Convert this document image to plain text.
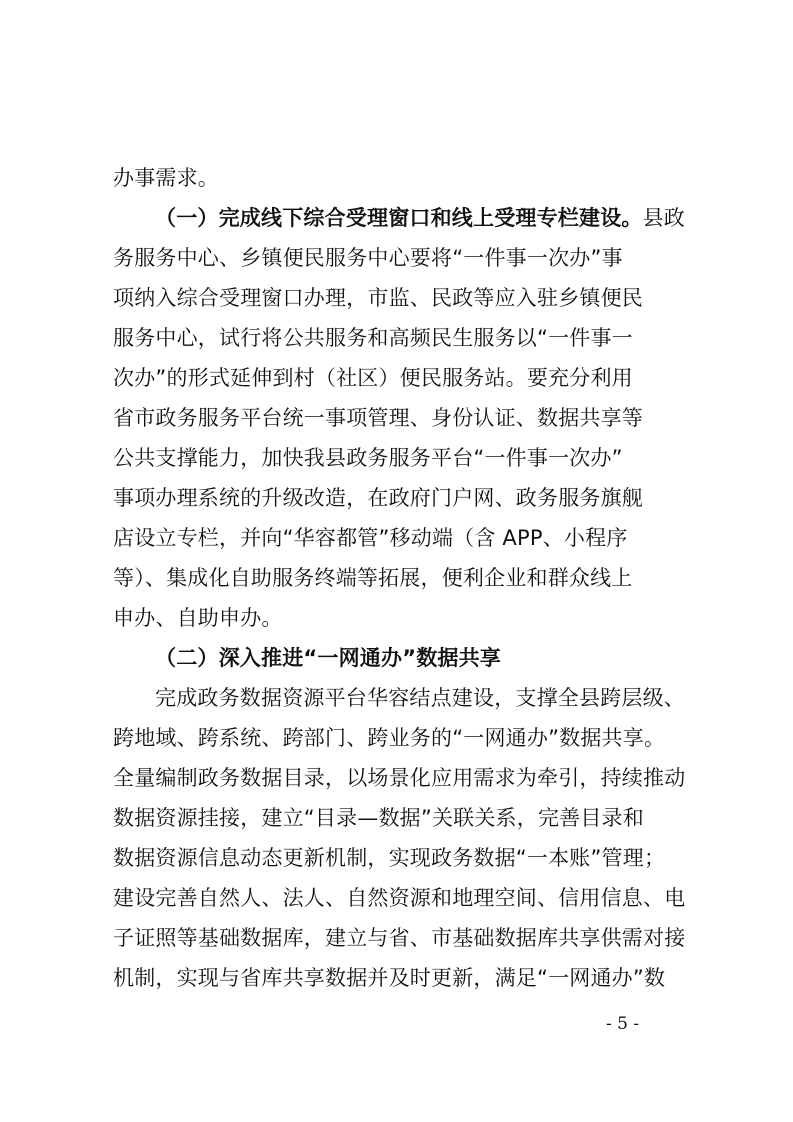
办事需求。
（一）完成线下综合受理窗口和线上受理专栏建设。县政
务服务中心、乡镇便民服务中心要将“一件事一次办”事
项纳入综合受理窗口办理，市监、民政等应入驻乡镇便民
服务中心，试行将公共服务和高频民生服务以“一件事一
次办”的形式延伸到村（社区）便民服务站。要充分利用
省市政务服务平台统一事项管理、身份认证、数据共享等
公共支撑能力，加快我县政务服务平台“一件事一次办”
事项办理系统的升级改造，在政府门户网、政务服务旗舰
店设立专栏，并向“华容都管”移动端（含 APP、小程序
等）、集成化自助服务终端等拓展，便利企业和群众线上
申办、自助申办。
（二）深入推进“一网通办”数据共享
完成政务数据资源平台华容结点建设，支撑全县跨层级、
跨地域、跨系统、跨部门、跨业务的“一网通办”数据共享。
全量编制政务数据目录，以场景化应用需求为牵引，持续推动
数据资源挂接，建立“目录—数据”关联关系，完善目录和
数据资源信息动态更新机制，实现政务数据“一本账”管理；
建设完善自然人、法人、自然资源和地理空间、信用信息、电
子证照等基础数据库，建立与省、市基础数据库共享供需对接
机制，实现与省库共享数据并及时更新，满足“一网通办”数
- 5 -
